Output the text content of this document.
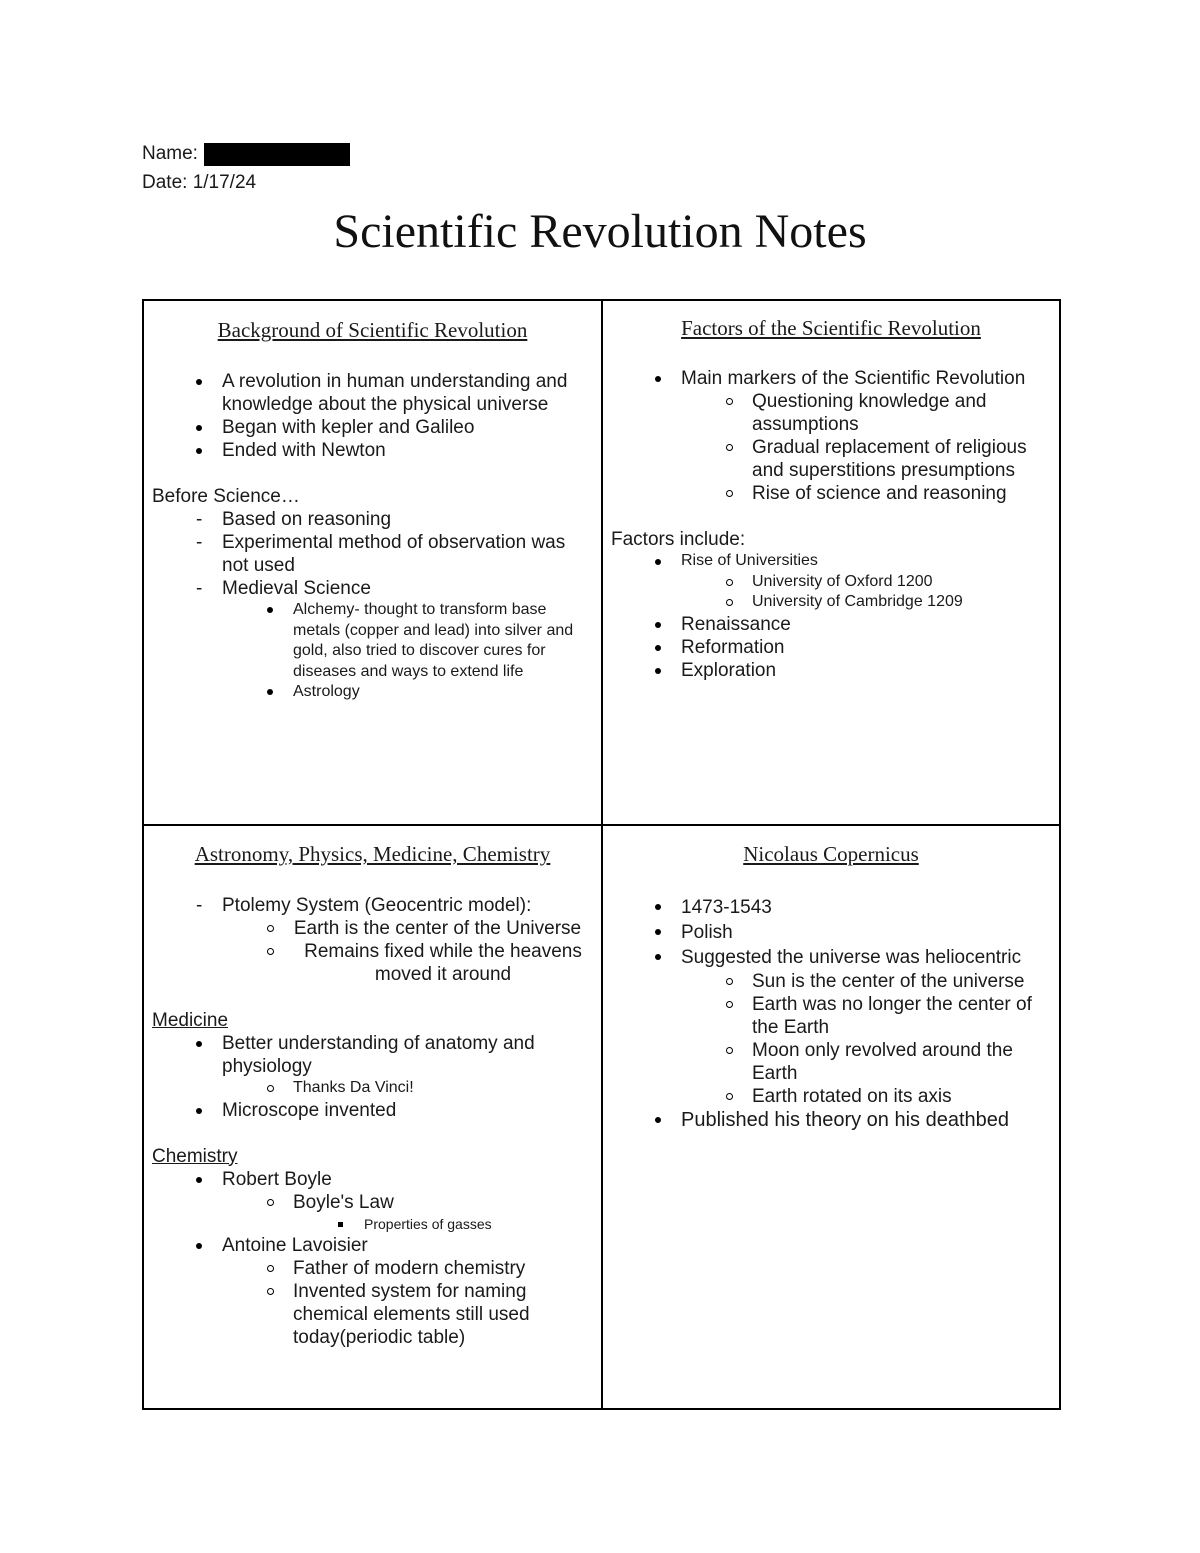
Name:
Date: 1/17/24
Scientific Revolution Notes
Background of Scientific Revolution
A revolution in human understanding and knowledge about the physical universe
Began with kepler and Galileo
Ended with Newton
Before Science…
- Based on reasoning
- Experimental method of observation was not used
- Medieval Science
Alchemy- thought to transform base metals (copper and lead) into silver and gold, also tried to discover cures for diseases and ways to extend life
Astrology
Factors of the Scientific Revolution
Main markers of the Scientific Revolution
Questioning knowledge and assumptions
Gradual replacement of religious and superstitions presumptions
Rise of science and reasoning
Factors include:
Rise of Universities
University of Oxford 1200
University of Cambridge 1209
Renaissance
Reformation
Exploration
Astronomy, Physics, Medicine, Chemistry
- Ptolemy System (Geocentric model):
Earth is the center of the Universe
Remains fixed while the heavens moved it around
Medicine
Better understanding of anatomy and physiology
Thanks Da Vinci!
Microscope invented
Chemistry
Robert Boyle
Boyle's Law
Properties of gasses
Antoine Lavoisier
Father of modern chemistry
Invented system for naming chemical elements still used today(periodic table)
Nicolaus Copernicus
1473-1543
Polish
Suggested the universe was heliocentric
Sun is the center of the universe
Earth was no longer the center of the Earth
Moon only revolved around the Earth
Earth rotated on its axis
Published his theory on his deathbed
